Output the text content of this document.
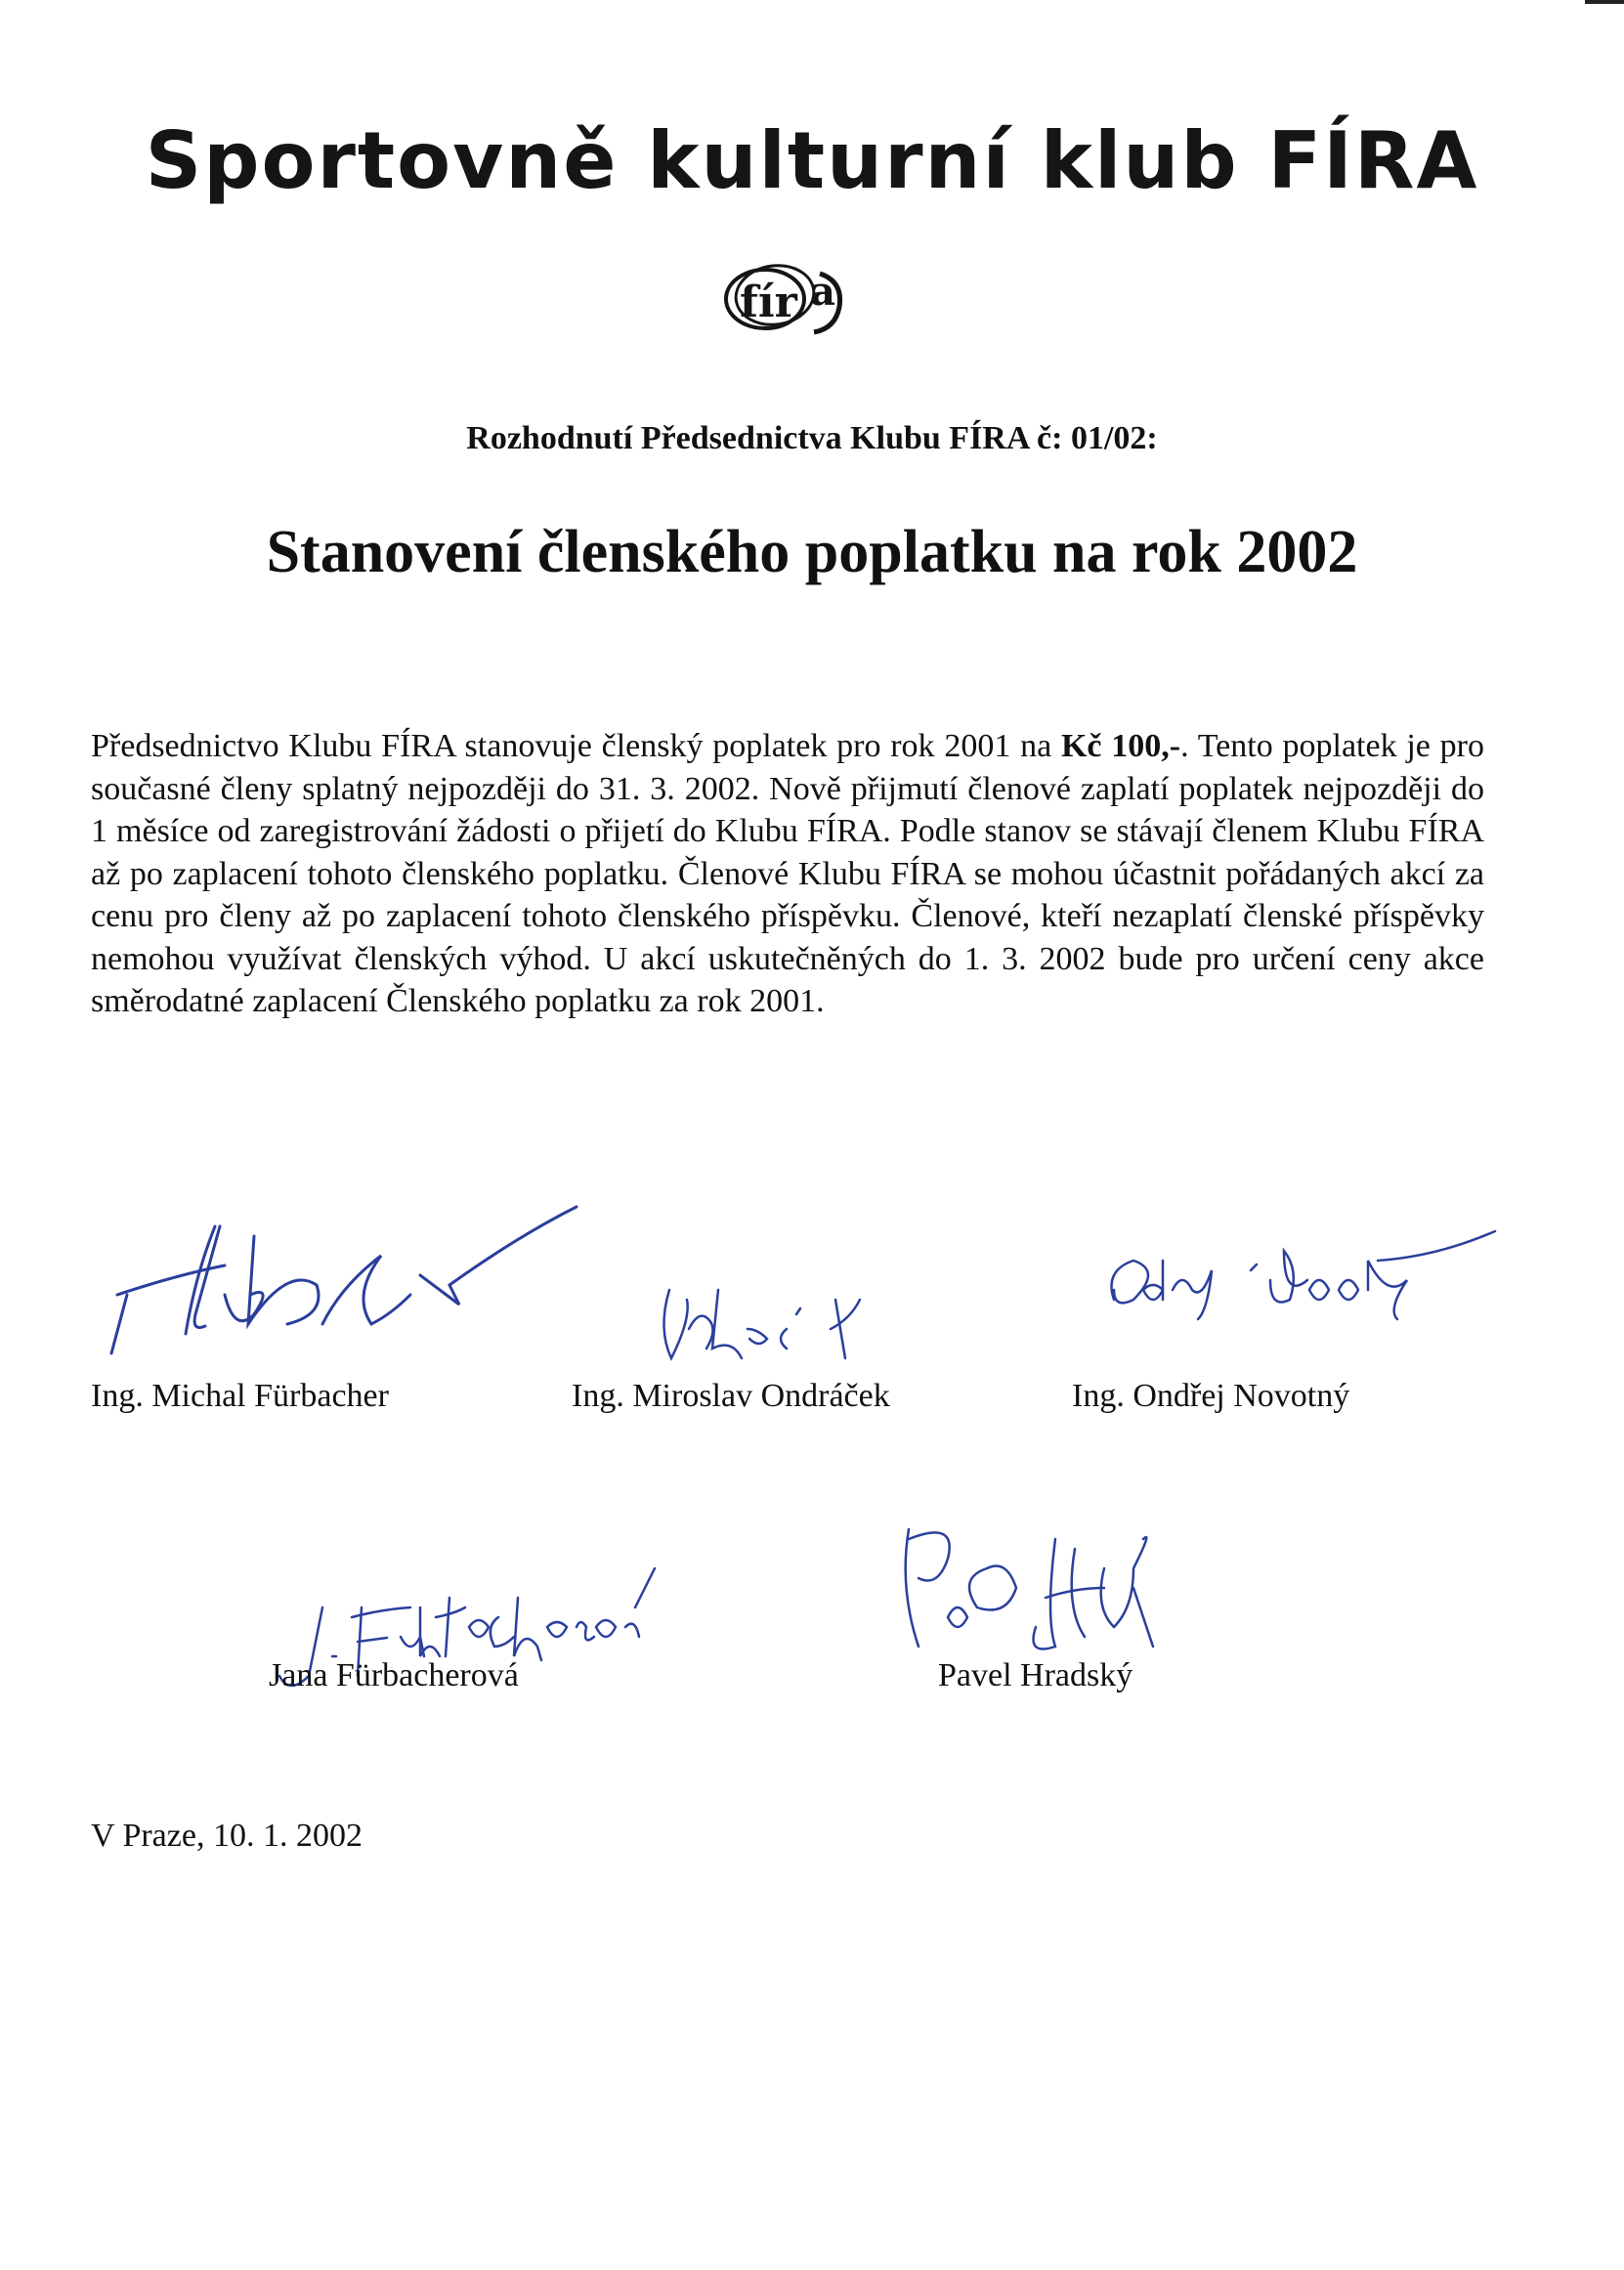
Sportovně kulturní klub FÍRA
fír a
Rozhodnutí Předsednictva Klubu FÍRA č: 01/02:
Stanovení členského poplatku na rok 2002
Předsednictvo Klubu FÍRA stanovuje členský poplatek pro rok 2001 na Kč 100,-. Tento poplatek je pro současné členy splatný nejpozději do 31. 3. 2002. Nově přijmutí členové zaplatí poplatek nejpozději do 1 měsíce od zaregistrování žádosti o přijetí do Klubu FÍRA. Podle stanov se stávají členem Klubu FÍRA až po zaplacení tohoto členského poplatku. Členové Klubu FÍRA se mohou účastnit pořádaných akcí za cenu pro členy až po zaplacení tohoto členského příspěvku. Členové, kteří nezaplatí členské příspěvky nemohou využívat členských výhod. U akcí uskutečněných do 1. 3. 2002 bude pro určení ceny akce směrodatné zaplacení Členského poplatku za rok 2001.
Ing. Michal Fürbacher	Ing. Miroslav Ondráček	Ing. Ondřej Novotný
Jana Fürbacherová	Pavel Hradský
V Praze, 10. 1. 2002
